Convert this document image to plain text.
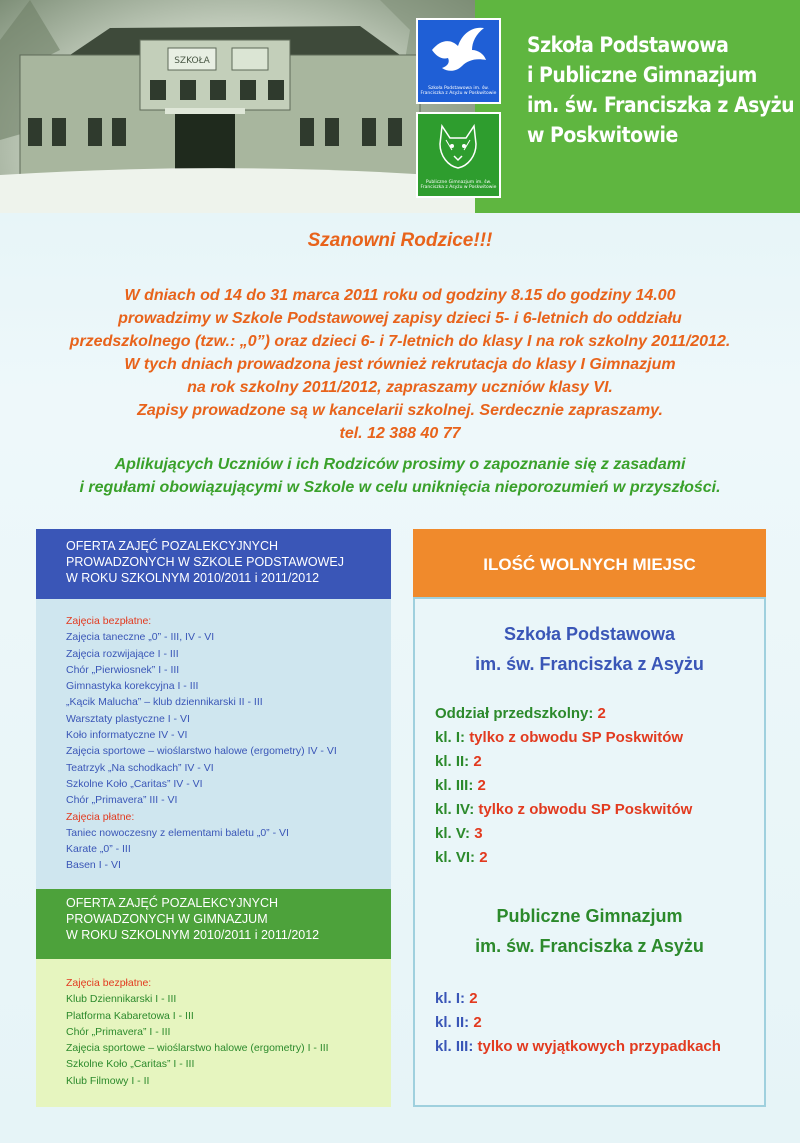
SZKOŁA
Szkoła Podstawowa im. św. Franciszka z Asyżu w Poskwitowie
Publiczne Gimnazjum im. św. Franciszka z Asyżu w Poskwitowie
Szkoła Podstawowa
i Publiczne Gimnazjum
im. św. Franciszka z Asyżu
w Poskwitowie
Szanowni Rodzice!!!
W dniach od 14 do 31 marca 2011 roku od godziny 8.15 do godziny 14.00
prowadzimy w Szkole Podstawowej zapisy dzieci 5- i 6-letnich do oddziału
przedszkolnego (tzw.: „0”) oraz dzieci 6- i 7-letnich do klasy I na rok szkolny 2011/2012.
W tych dniach prowadzona jest również rekrutacja do klasy I Gimnazjum
na rok szkolny 2011/2012, zapraszamy uczniów klasy VI.
Zapisy prowadzone są w kancelarii szkolnej. Serdecznie zapraszamy.
tel. 12 388 40 77
Aplikujących Uczniów i ich Rodziców prosimy o zapoznanie się z zasadami
i regułami obowiązującymi w Szkole w celu uniknięcia nieporozumień w przyszłości.
OFERTA ZAJĘĆ POZALEKCYJNYCH
PROWADZONYCH W SZKOLE PODSTAWOWEJ
W ROKU SZKOLNYM 2010/2011 i 2011/2012
Zajęcia bezpłatne:
Zajęcia taneczne „0” - III, IV - VI
Zajęcia rozwijające I - III
Chór „Pierwiosnek” I - III
Gimnastyka korekcyjna I - III
„Kącik Malucha” – klub dziennikarski II - III
Warsztaty plastyczne I - VI
Koło informatyczne IV - VI
Zajęcia sportowe – wioślarstwo halowe (ergometry) IV - VI
Teatrzyk „Na schodkach” IV - VI
Szkolne Koło „Caritas” IV - VI
Chór „Primavera” III - VI
Zajęcia płatne:
Taniec nowoczesny z elementami baletu „0” - VI
Karate „0” - III
Basen I - VI
OFERTA ZAJĘĆ POZALEKCYJNYCH
PROWADZONYCH W GIMNAZJUM
W ROKU SZKOLNYM 2010/2011 i 2011/2012
Zajęcia bezpłatne:
Klub Dziennikarski I - III
Platforma Kabaretowa I - III
Chór „Primavera” I - III
Zajęcia sportowe – wioślarstwo halowe (ergometry) I - III
Szkolne Koło „Caritas” I - III
Klub Filmowy I - II
ILOŚĆ WOLNYCH MIEJSC
Szkoła Podstawowa
im. św. Franciszka z Asyżu
Oddział przedszkolny: 2
kl. I: tylko z obwodu SP Poskwitów
kl. II: 2
kl. III: 2
kl. IV: tylko z obwodu SP Poskwitów
kl. V: 3
kl. VI: 2
Publiczne Gimnazjum
im. św. Franciszka z Asyżu
kl. I: 2
kl. II: 2
kl. III: tylko w wyjątkowych przypadkach
